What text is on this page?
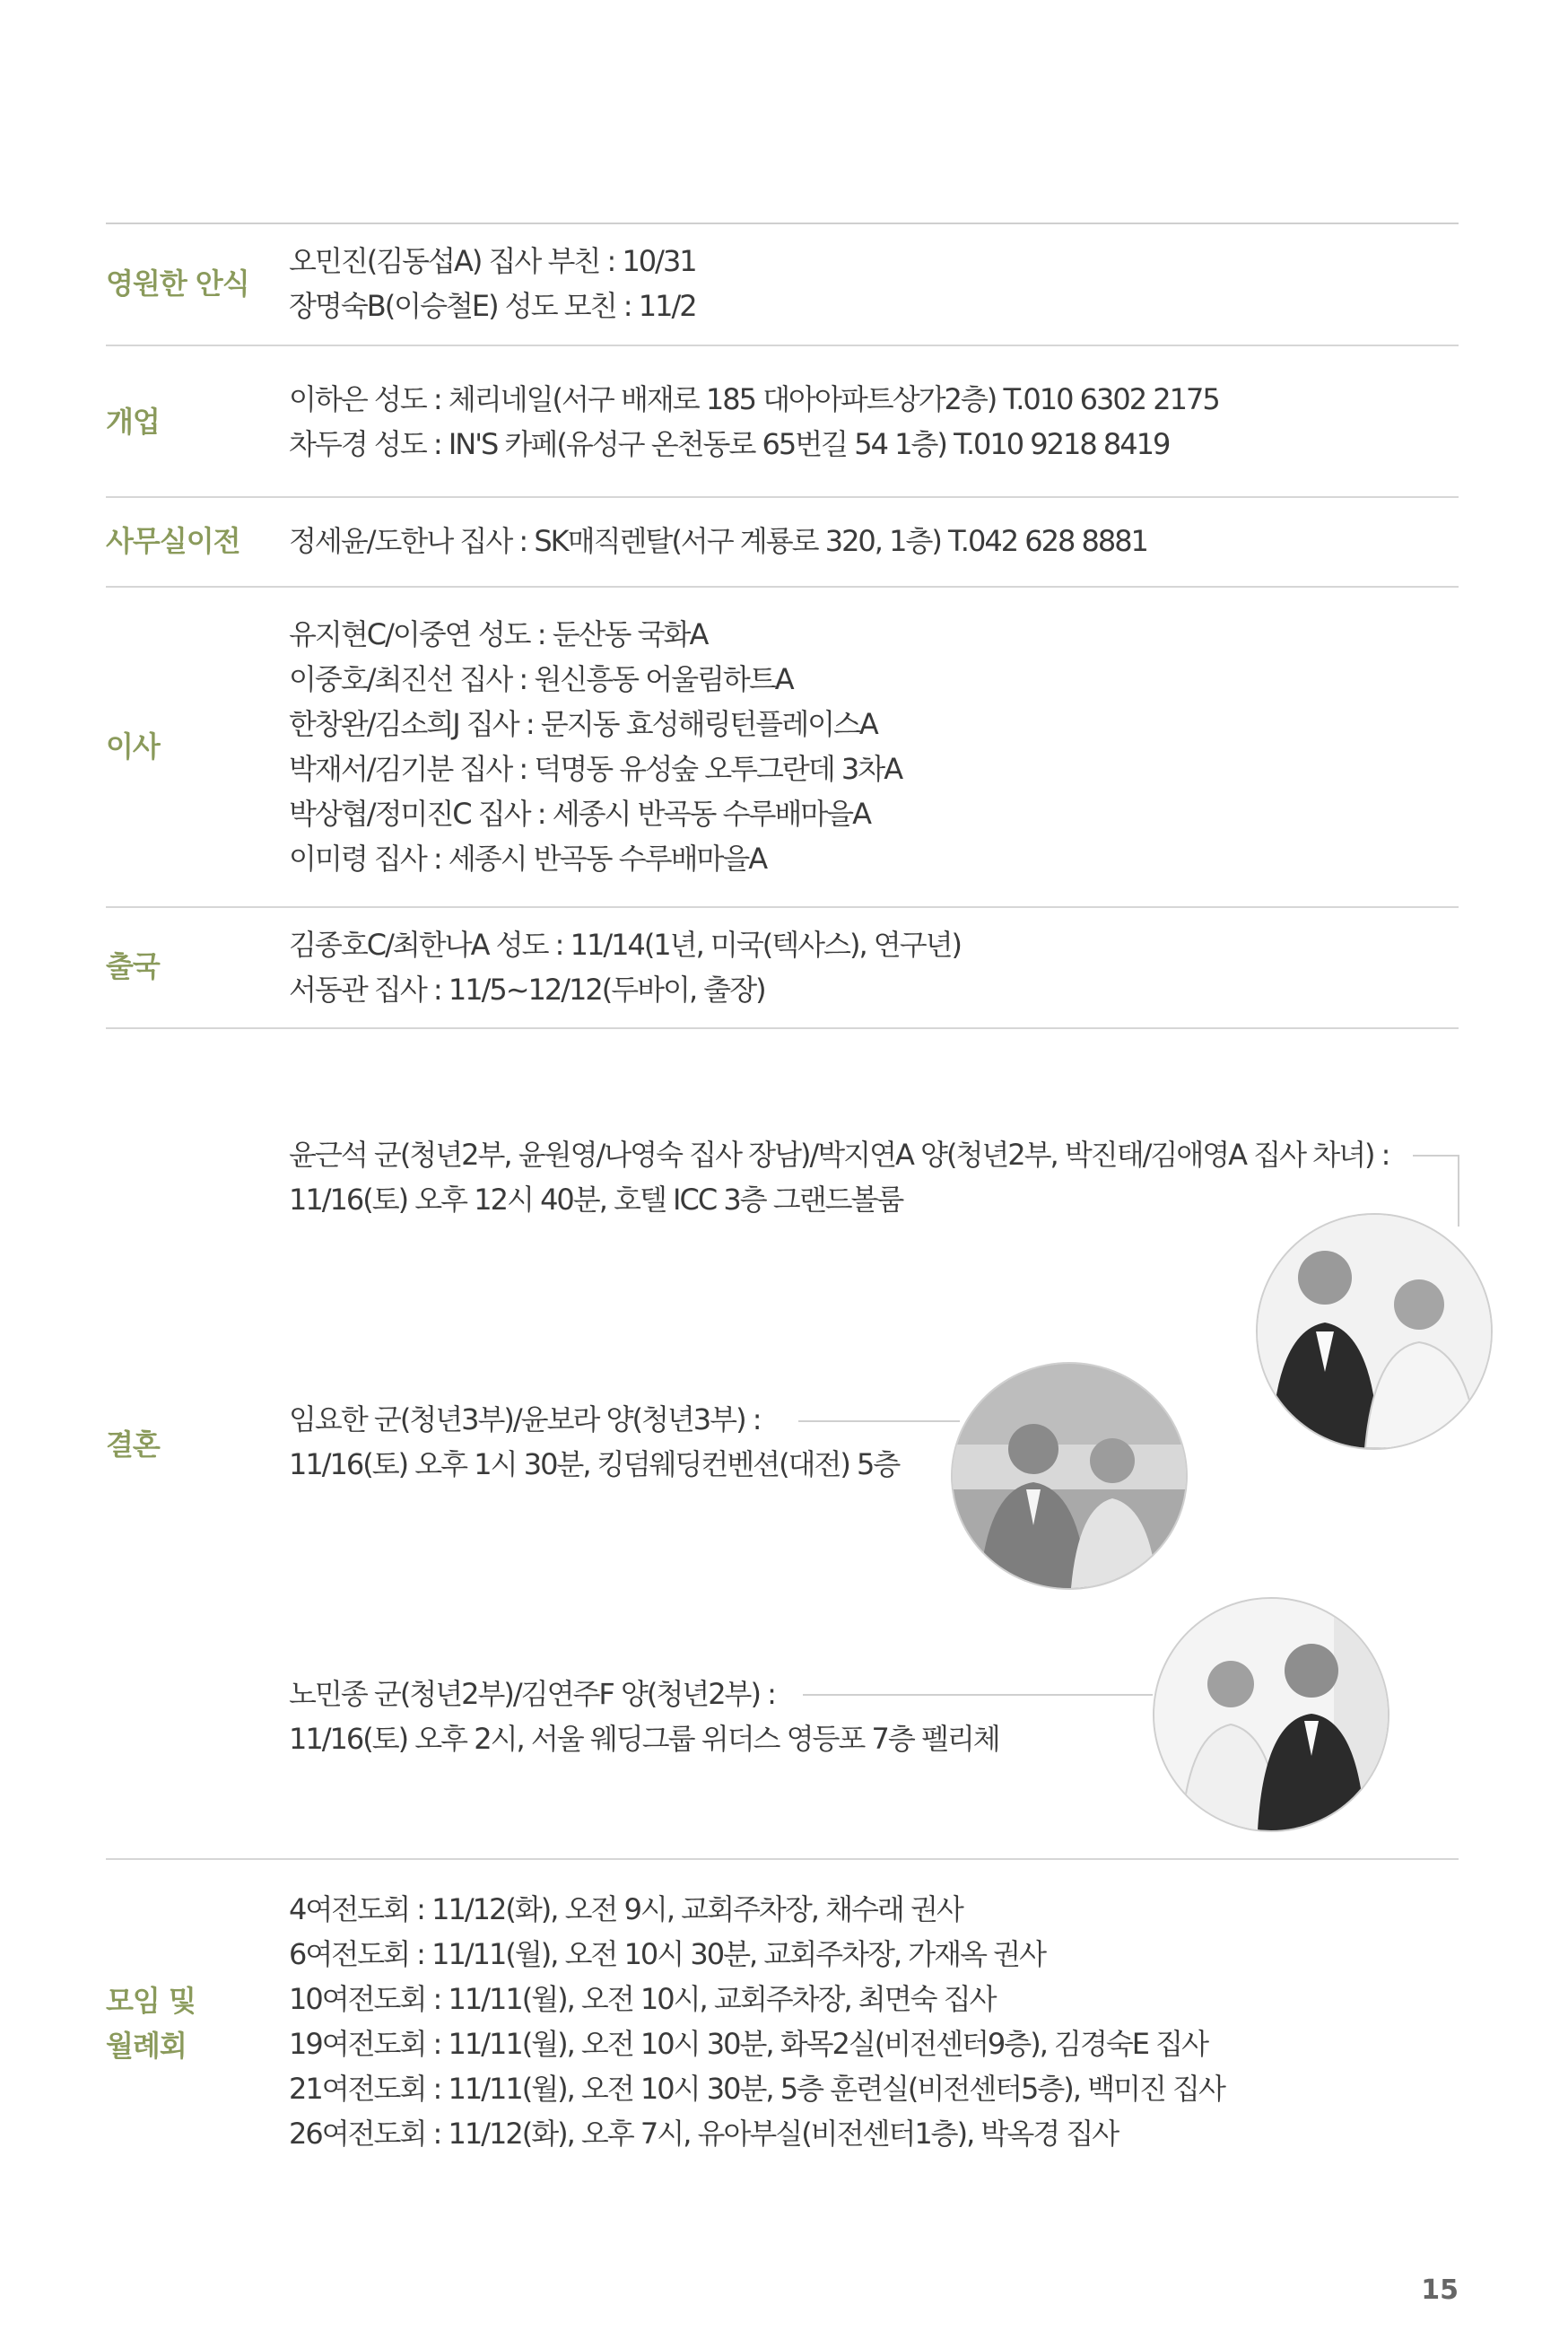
영원한 안식
오민진(김동섭A) 집사 부친 : 10/31
장명숙B(이승철E) 성도 모친 : 11/2
개업
이하은 성도 : 체리네일(서구 배재로 185 대아아파트상가2층) T.010 6302 2175
차두경 성도 : IN'S 카페(유성구 온천동로 65번길 54 1층) T.010 9218 8419
사무실이전	정세윤/도한나 집사 : SK매직렌탈(서구 계룡로 320, 1층) T.042 628 8881
이사
유지현C/이중연 성도 : 둔산동 국화A
이중호/최진선 집사 : 원신흥동 어울림하트A
한창완/김소희J 집사 : 문지동 효성해링턴플레이스A
박재서/김기분 집사 : 덕명동 유성숲 오투그란데 3차A
박상협/정미진C 집사 : 세종시 반곡동 수루배마을A
이미령 집사 : 세종시 반곡동 수루배마을A
출국
김종호C/최한나A 성도 : 11/14(1년, 미국(텍사스), 연구년)
서동관 집사 : 11/5~12/12(두바이, 출장)
결혼
윤근석 군(청년2부, 윤원영/나영숙 집사 장남)/박지연A 양(청년2부, 박진태/김애영A 집사 차녀) :
11/16(토) 오후 12시 40분, 호텔 ICC 3층 그랜드볼룸
임요한 군(청년3부)/윤보라 양(청년3부) :
11/16(토) 오후 1시 30분, 킹덤웨딩컨벤션(대전) 5층
노민종 군(청년2부)/김연주F 양(청년2부) :
11/16(토) 오후 2시, 서울 웨딩그룹 위더스 영등포 7층 펠리체
모임 및
월례회
4여전도회 : 11/12(화), 오전 9시, 교회주차장, 채수래 권사
6여전도회 : 11/11(월), 오전 10시 30분, 교회주차장, 가재옥 권사
10여전도회 : 11/11(월), 오전 10시, 교회주차장, 최면숙 집사
19여전도회 : 11/11(월), 오전 10시 30분, 화목2실(비전센터9층), 김경숙E 집사
21여전도회 : 11/11(월), 오전 10시 30분, 5층 훈련실(비전센터5층), 백미진 집사
26여전도회 : 11/12(화), 오후 7시, 유아부실(비전센터1층), 박옥경 집사
15
